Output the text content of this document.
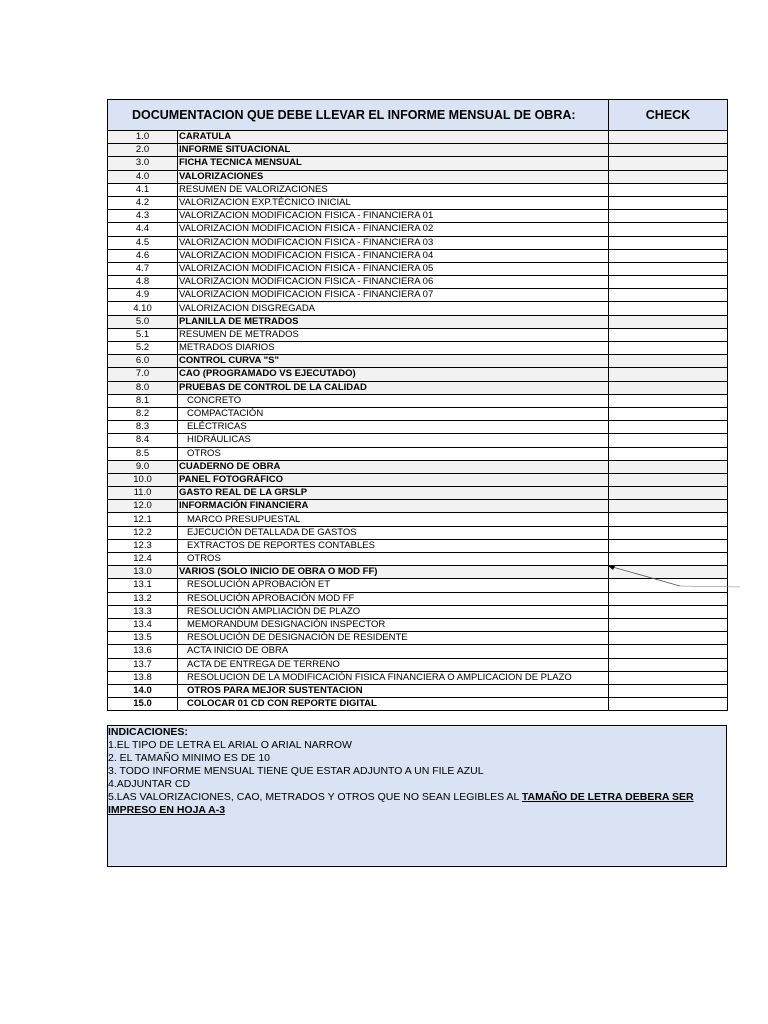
DOCUMENTACION QUE DEBE LLEVAR EL INFORME MENSUAL DE OBRA:		CHECK
1.0	CARATULA	
2.0	INFORME SITUACIONAL	
3.0	FICHA TECNICA MENSUAL	
4.0	VALORIZACIONES	
4.1	RESUMEN DE VALORIZACIONES	
4.2	VALORIZACION EXP.TÉCNICO INICIAL	
4.3	VALORIZACION MODIFICACION FISICA - FINANCIERA 01	
4.4	VALORIZACION MODIFICACION FISICA - FINANCIERA 02	
4.5	VALORIZACION MODIFICACION FISICA - FINANCIERA 03	
4.6	VALORIZACION MODIFICACION FISICA - FINANCIERA 04	
4.7	VALORIZACION MODIFICACION FISICA - FINANCIERA 05	
4.8	VALORIZACION MODIFICACION FISICA - FINANCIERA 06	
4.9	VALORIZACION MODIFICACION FISICA - FINANCIERA 07	
4.10	VALORIZACION DISGREGADA	
5.0	PLANILLA DE METRADOS	
5.1	RESUMEN DE METRADOS	
5.2	METRADOS DIARIOS	
6.0	CONTROL CURVA "S"	
7.0	CAO (PROGRAMADO VS EJECUTADO)	
8.0	PRUEBAS DE CONTROL DE LA CALIDAD	
8.1	CONCRETO	
8.2	COMPACTACIÓN	
8.3	ELÉCTRICAS	
8.4	HIDRÁULICAS	
8.5	OTROS	
9.0	CUADERNO DE OBRA	
10.0	PANEL FOTOGRÁFICO	
11.0	GASTO REAL DE LA GRSLP	
12.0	INFORMACIÓN FINANCIERA	
12.1	MARCO PRESUPUESTAL	
12.2	EJECUCIÓN DETALLADA DE GASTOS	
12.3	EXTRACTOS DE REPORTES CONTABLES	
12.4	OTROS	
13.0	VARIOS (SOLO INICIO DE OBRA O MOD FF)	
13.1	RESOLUCIÓN APROBACIÓN ET	
13.2	RESOLUCIÓN APROBACIÓN MOD FF	
13.3	RESOLUCIÓN AMPLIACIÓN DE PLAZO	
13.4	MEMORANDUM DESIGNACIÓN INSPECTOR	
13.5	RESOLUCIÓN DE DESIGNACIÓN DE RESIDENTE	
13.6	ACTA INICIO DE OBRA	
13.7	ACTA DE ENTREGA DE TERRENO	
13.8	RESOLUCION DE LA MODIFICACIÓN FISICA FINANCIERA O AMPLICACION DE PLAZO	
14.0	OTROS PARA MEJOR SUSTENTACION	
15.0	COLOCAR 01 CD CON REPORTE DIGITAL	
INDICACIONES:
1.EL TIPO DE LETRA EL ARIAL O ARIAL NARROW
2. EL TAMAÑO MINIMO ES DE 10
3. TODO INFORME MENSUAL TIENE QUE ESTAR ADJUNTO A UN FILE AZUL
4.ADJUNTAR CD
5.LAS VALORIZACIONES, CAO, METRADOS Y OTROS QUE NO SEAN LEGIBLES AL TAMAÑO DE LETRA DEBERA SER IMPRESO EN HOJA A-3
